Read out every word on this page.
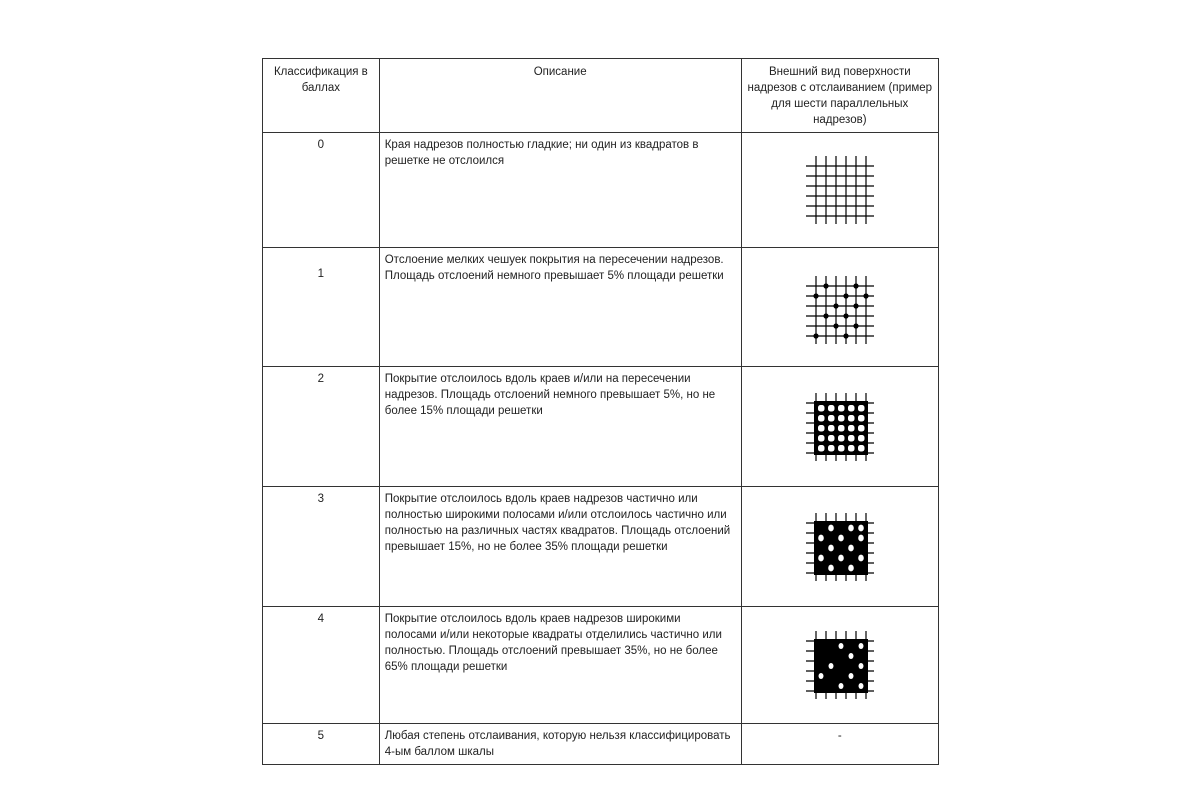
Классификация в баллах	Описание	Внешний вид поверхности надрезов с отслаиванием (пример для шести параллельных надрезов)
0	Края надрезов полностью гладкие; ни один из квадратов в решетке не отслоился	

1	Отслоение мелких чешуек покрытия на пересечении надрезов. Площадь отслоений немного превышает 5% площади решетки	

2	Покрытие отслоилось вдоль краев и/или на пересечении надрезов. Площадь отслоений немного превышает 5%, но не более 15% площади решетки	

3	Покрытие отслоилось вдоль краев надрезов частично или полностью широкими полосами и/или отслоилось частично или полностью на различных частях квадратов. Площадь отслоений превышает 15%, но не более 35% площади решетки	

4	Покрытие отслоилось вдоль краев надрезов широкими полосами и/или некоторые квадраты отделились частично или полностью. Площадь отслоений превышает 35%, но не более 65% площади решетки	

5	Любая степень отслаивания, которую нельзя классифицировать 4-ым баллом шкалы	-
